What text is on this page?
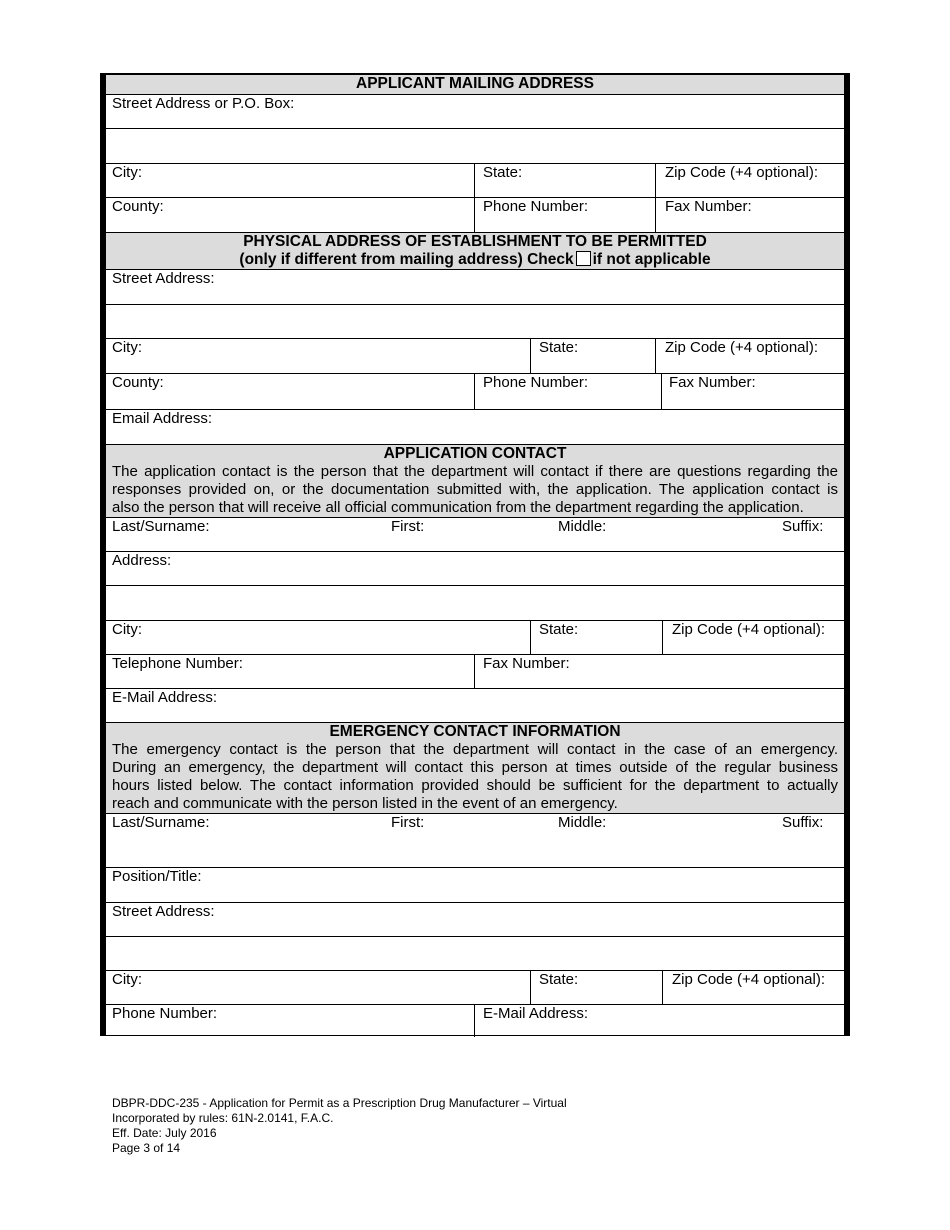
APPLICANT MAILING ADDRESS
Street Address or P.O. Box:
City:	State:	Zip Code (+4 optional):
County:	Phone Number:	Fax Number:
PHYSICAL ADDRESS OF ESTABLISHMENT TO BE PERMITTED
(only if different from mailing address) Check if not applicable
Street Address:
City:	State:	Zip Code (+4 optional):
County:	Phone Number:	Fax Number:
Email Address:
APPLICATION CONTACT
The application contact is the person that the department will contact if there are questions regarding the
responses provided on, or the documentation submitted with, the application. The application contact is
also the person that will receive all official communication from the department regarding the application.
Last/Surname:	First:	Middle:	Suffix:
Address:
City:	State:	Zip Code (+4 optional):
Telephone Number:	Fax Number:
E-Mail Address:
EMERGENCY CONTACT INFORMATION
The emergency contact is the person that the department will contact in the case of an emergency.
During an emergency, the department will contact this person at times outside of the regular business
hours listed below. The contact information provided should be sufficient for the department to actually
reach and communicate with the person listed in the event of an emergency.
Last/Surname:	First:	Middle:	Suffix:
Position/Title:
Street Address:
City:	State:	Zip Code (+4 optional):
Phone Number:	E-Mail Address:
DBPR-DDC-235 - Application for Permit as a Prescription Drug Manufacturer – Virtual
Incorporated by rules: 61N-2.0141, F.A.C.
Eff. Date: July 2016
Page 3 of 14
